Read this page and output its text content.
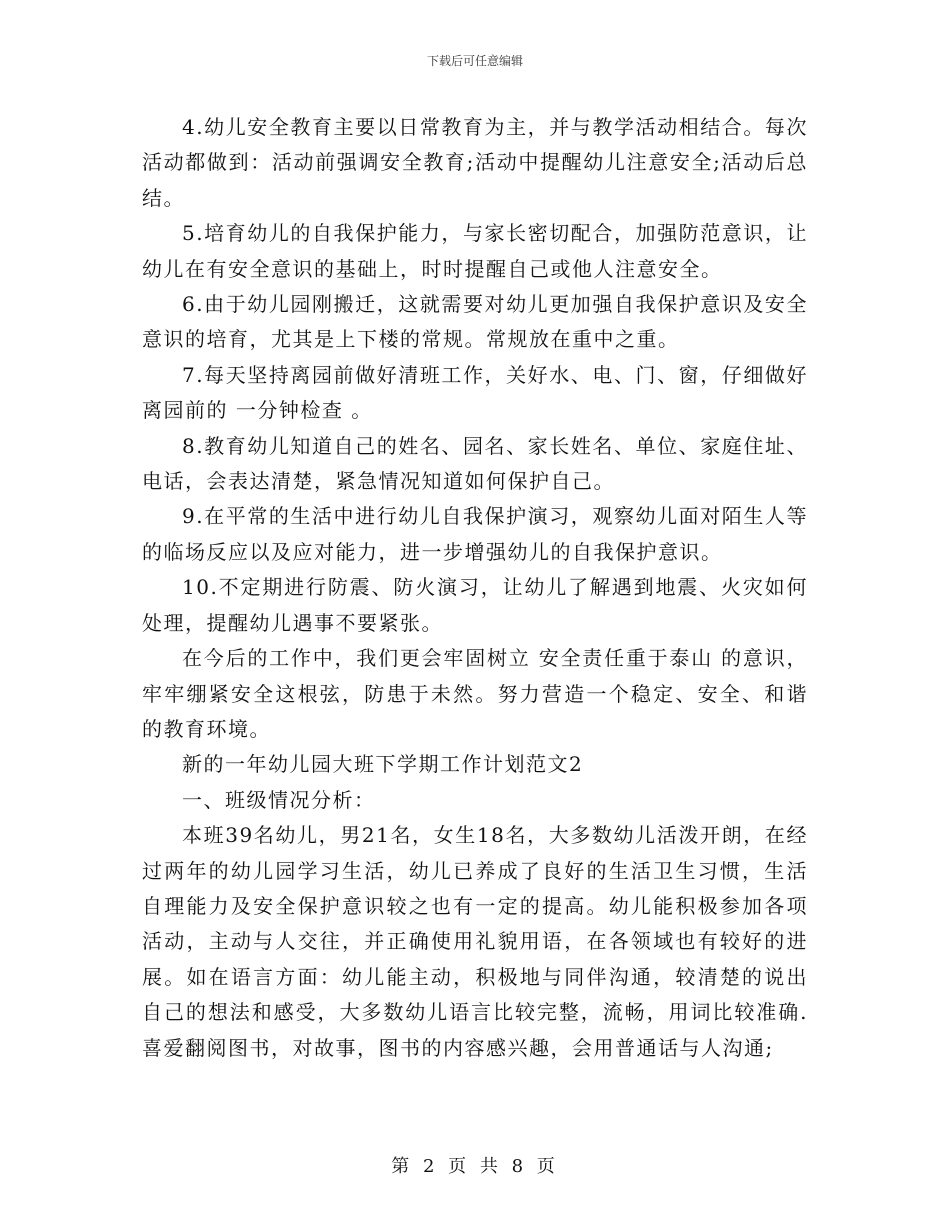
下载后可任意编辑

4.幼儿安全教育主要以日常教育为主，并与教学活动相结合。每次活动都做到：活动前强调安全教育;活动中提醒幼儿注意安全;活动后总结。

5.培育幼儿的自我保护能力，与家长密切配合，加强防范意识，让幼儿在有安全意识的基础上，时时提醒自己或他人注意安全。

6.由于幼儿园刚搬迁，这就需要对幼儿更加强自我保护意识及安全意识的培育，尤其是上下楼的常规。常规放在重中之重。

7.每天坚持离园前做好清班工作，关好水、电、门、窗，仔细做好离园前的 一分钟检查 。

8.教育幼儿知道自己的姓名、园名、家长姓名、单位、家庭住址、电话，会表达清楚，紧急情况知道如何保护自己。

9.在平常的生活中进行幼儿自我保护演习，观察幼儿面对陌生人等的临场反应以及应对能力，进一步增强幼儿的自我保护意识。

10.不定期进行防震、防火演习，让幼儿了解遇到地震、火灾如何处理，提醒幼儿遇事不要紧张。

在今后的工作中，我们更会牢固树立 安全责任重于泰山 的意识，牢牢绷紧安全这根弦，防患于未然。努力营造一个稳定、安全、和谐的教育环境。

新的一年幼儿园大班下学期工作计划范文2

一、班级情况分析：

本班39名幼儿，男21名，女生18名，大多数幼儿活泼开朗，在经过两年的幼儿园学习生活，幼儿已养成了良好的生活卫生习惯，生活自理能力及安全保护意识较之也有一定的提高。幼儿能积极参加各项活动，主动与人交往，并正确使用礼貌用语，在各领域也有较好的进展。如在语言方面：幼儿能主动，积极地与同伴沟通，较清楚的说出自己的想法和感受，大多数幼儿语言比较完整，流畅，用词比较准确.喜爱翻阅图书，对故事，图书的内容感兴趣，会用普通话与人沟通;

第 2 页 共 8 页
